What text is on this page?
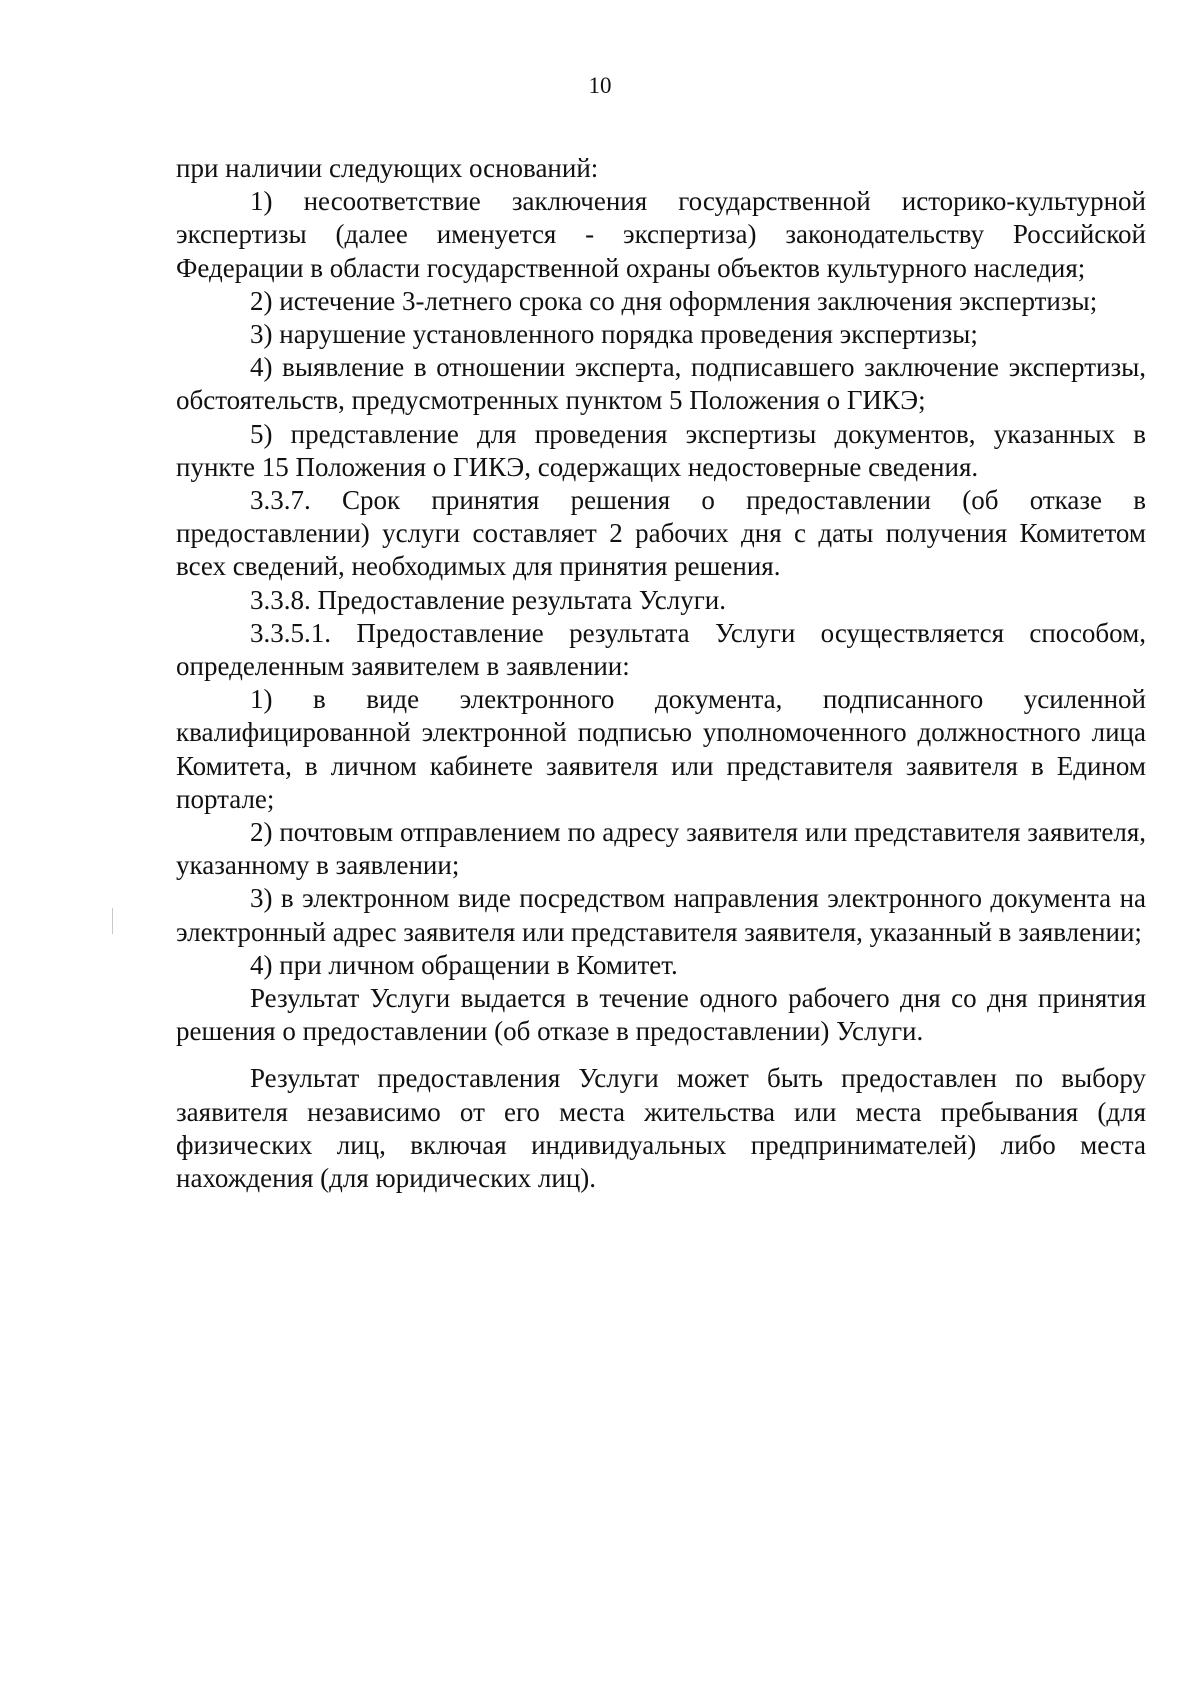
10

при наличии следующих оснований:

1) несоответствие заключения государственной историко-культурной экспертизы (далее именуется - экспертиза) законодательству Российской Федерации в области государственной охраны объектов культурного наследия;

2) истечение 3-летнего срока со дня оформления заключения экспертизы;

3) нарушение установленного порядка проведения экспертизы;

4) выявление в отношении эксперта, подписавшего заключение экспертизы, обстоятельств, предусмотренных пунктом 5 Положения о ГИКЭ;

5) представление для проведения экспертизы документов, указанных в пункте 15 Положения о ГИКЭ, содержащих недостоверные сведения.

3.3.7. Срок принятия решения о предоставлении (об отказе в предоставлении) услуги составляет 2 рабочих дня с даты получения Комитетом всех сведений, необходимых для принятия решения.

3.3.8. Предоставление результата Услуги.

3.3.5.1. Предоставление результата Услуги осуществляется способом, определенным заявителем в заявлении:

1) в виде электронного документа, подписанного усиленной квалифицированной электронной подписью уполномоченного должностного лица Комитета, в личном кабинете заявителя или представителя заявителя в Едином портале;

2) почтовым отправлением по адресу заявителя или представителя заявителя, указанному в заявлении;

3) в электронном виде посредством направления электронного документа на электронный адрес заявителя или представителя заявителя, указанный в заявлении;

4) при личном обращении в Комитет.

Результат Услуги выдается в течение одного рабочего дня со дня принятия решения о предоставлении (об отказе в предоставлении) Услуги.

Результат предоставления Услуги может быть предоставлен по выбору заявителя независимо от его места жительства или места пребывания (для физических лиц, включая индивидуальных предпринимателей) либо места нахождения (для юридических лиц).
